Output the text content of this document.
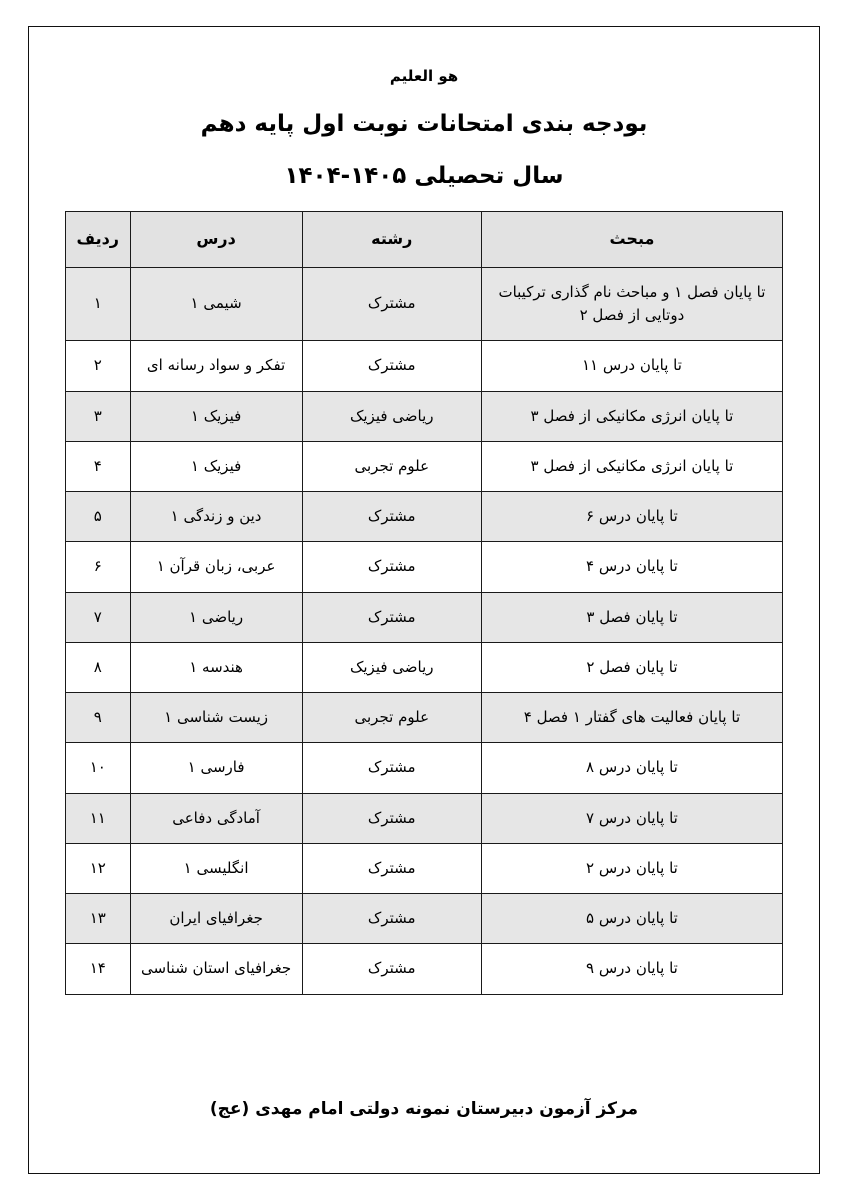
هو العلیم
بودجه بندی امتحانات نوبت اول پایه دهم
سال تحصیلی ۱۴۰۵-۱۴۰۴
مبحث	رشته	درس	ردیف
تا پایان فصل ۱ و مباحث نام گذاری ترکیبات دوتایی از فصل ۲	مشترک	شیمی ۱	۱
تا پایان درس ۱۱	مشترک	تفکر و سواد رسانه ای	۲
تا پایان انرژی مکانیکی از فصل ۳	ریاضی فیزیک	فیزیک ۱	۳
تا پایان انرژی مکانیکی از فصل ۳	علوم تجربی	فیزیک ۱	۴
تا پایان درس ۶	مشترک	دین و زندگی ۱	۵
تا پایان درس ۴	مشترک	عربی، زبان قرآن ۱	۶
تا پایان فصل ۳	مشترک	ریاضی ۱	۷
تا پایان فصل ۲	ریاضی فیزیک	هندسه ۱	۸
تا پایان فعالیت های گفتار ۱ فصل ۴	علوم تجربی	زیست شناسی ۱	۹
تا پایان درس ۸	مشترک	فارسی ۱	۱۰
تا پایان درس ۷	مشترک	آمادگی دفاعی	۱۱
تا پایان درس ۲	مشترک	انگلیسی ۱	۱۲
تا پایان درس ۵	مشترک	جغرافیای ایران	۱۳
تا پایان درس ۹	مشترک	جغرافیای استان شناسی	۱۴
مرکز آزمون دبیرستان نمونه دولتی امام مهدی (عج)
